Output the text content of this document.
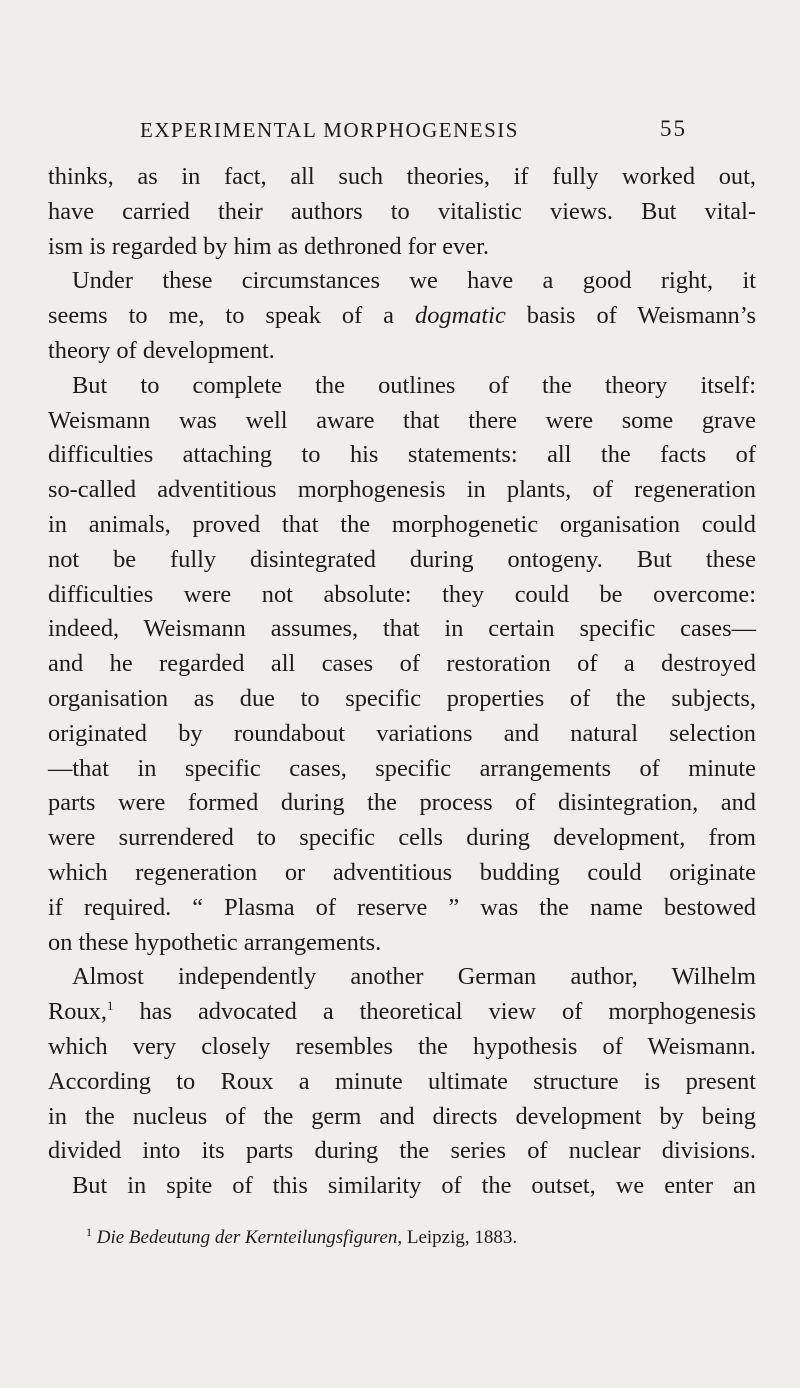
EXPERIMENTAL MORPHOGENESIS	55
thinks, as in fact, all such theories, if fully worked out,
have carried their authors to vitalistic views. But vital-
ism is regarded by him as dethroned for ever.
Under these circumstances we have a good right, it
seems to me, to speak of a dogmatic basis of Weismann’s
theory of development.
But to complete the outlines of the theory itself:
Weismann was well aware that there were some grave
difficulties attaching to his statements: all the facts of
so-called adventitious morphogenesis in plants, of regeneration
in animals, proved that the morphogenetic organisation could
not be fully disintegrated during ontogeny. But these
difficulties were not absolute: they could be overcome:
indeed, Weismann assumes, that in certain specific cases—
and he regarded all cases of restoration of a destroyed
organisation as due to specific properties of the subjects,
originated by roundabout variations and natural selection
—that in specific cases, specific arrangements of minute
parts were formed during the process of disintegration, and
were surrendered to specific cells during development, from
which regeneration or adventitious budding could originate
if required. “ Plasma of reserve ” was the name bestowed
on these hypothetic arrangements.
Almost independently another German author, Wilhelm
Roux,$^1$ has advocated a theoretical view of morphogenesis
which very closely resembles the hypothesis of Weismann.
According to Roux a minute ultimate structure is present
in the nucleus of the germ and directs development by being
divided into its parts during the series of nuclear divisions.
But in spite of this similarity of the outset, we enter an
$^1$ Die Bedeutung der Kernteilungsfiguren, Leipzig, 1883.
